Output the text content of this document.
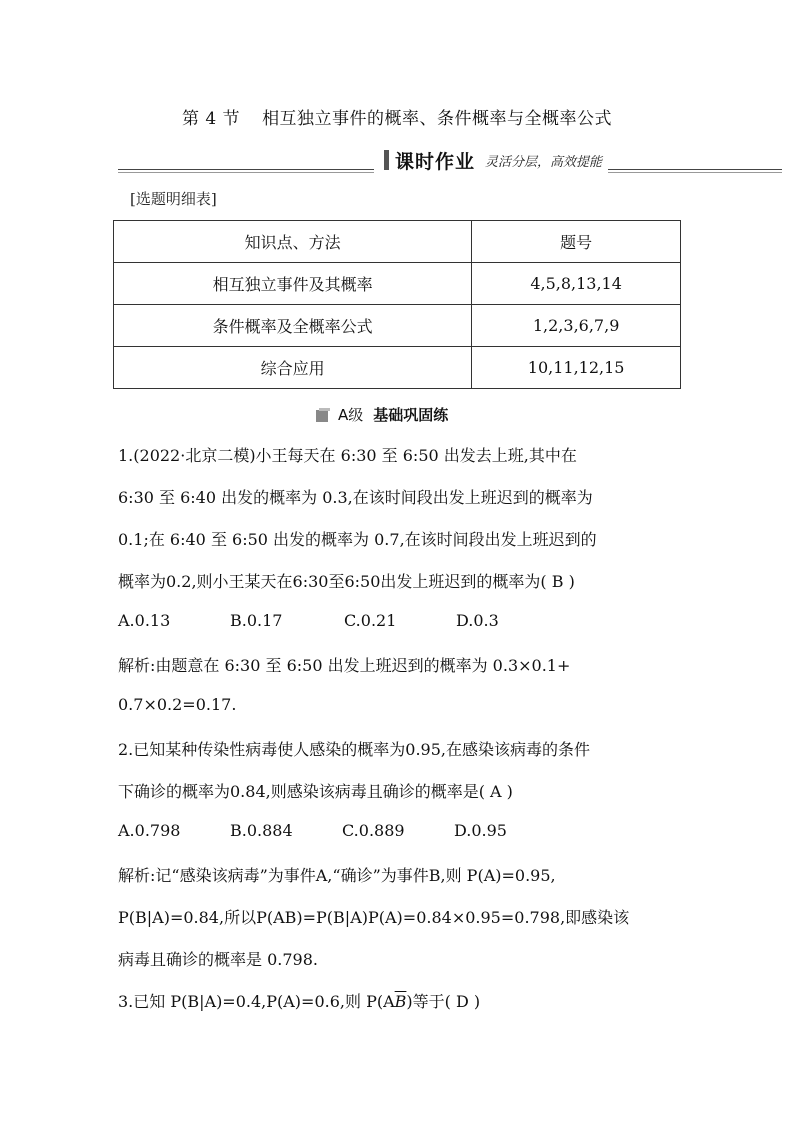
第 4 节 相互独立事件的概率、条件概率与全概率公式
课时作业 灵活分层，高效提能
[选题明细表]
知识点、方法	题号
相互独立事件及其概率	4,5,8,13,14
条件概率及全概率公式	1,2,3,6,7,9
综合应用	10,11,12,15
A级 基础巩固练
1.(2022·北京二模)小王每天在 6:30 至 6:50 出发去上班,其中在
6:30 至 6:40 出发的概率为 0.3,在该时间段出发上班迟到的概率为
0.1;在 6:40 至 6:50 出发的概率为 0.7,在该时间段出发上班迟到的
概率为0.2,则小王某天在6:30至6:50出发上班迟到的概率为( B )
A.0.13	B.0.17	C.0.21	D.0.3
解析:由题意在 6:30 至 6:50 出发上班迟到的概率为 0.3×0.1+
0.7×0.2=0.17.
2.已知某种传染性病毒使人感染的概率为0.95,在感染该病毒的条件
下确诊的概率为0.84,则感染该病毒且确诊的概率是( A )
A.0.798	B.0.884	C.0.889	D.0.95
解析:记“感染该病毒”为事件A,“确诊”为事件B,则 P(A)=0.95,
P(B|A)=0.84,所以P(AB)=P(B|A)P(A)=0.84×0.95=0.798,即感染该
病毒且确诊的概率是 0.798.
3.已知 P(B|A)=0.4,P(A)=0.6,则 $P(A\overline{B})$等于( D )
